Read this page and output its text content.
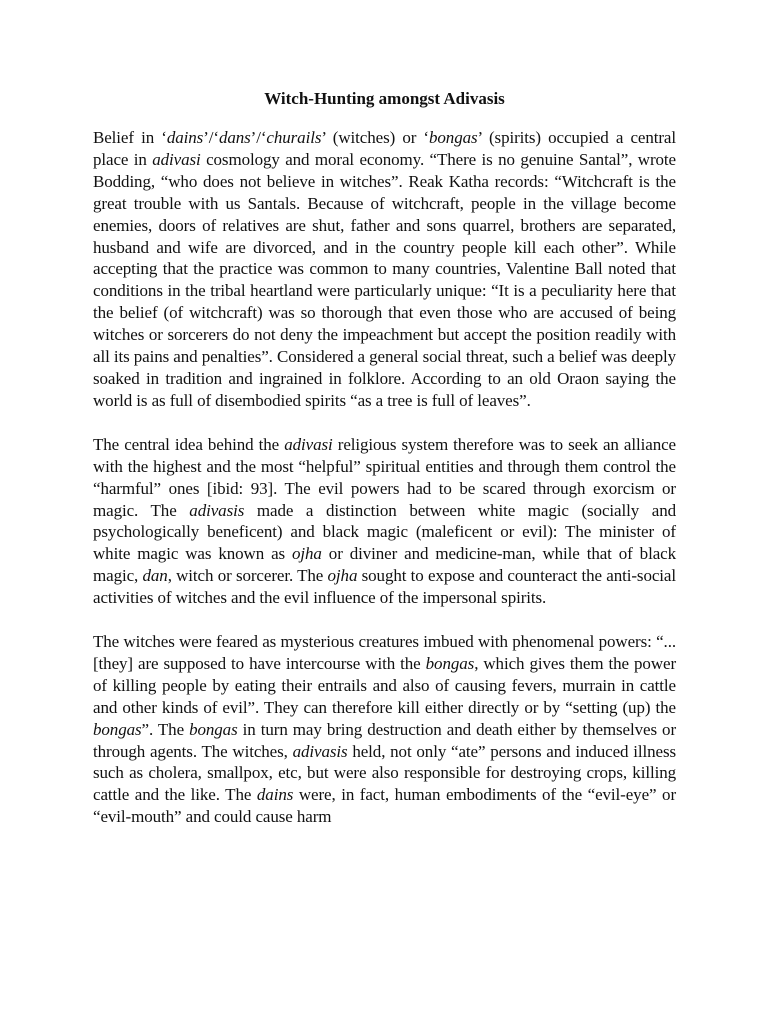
Witch-Hunting amongst Adivasis
Belief in ‘dains’/‘dans’/‘churails’ (witches) or ‘bongas’ (spirits) occupied a central place in adivasi cosmology and moral economy. “There is no genuine Santal”, wrote Bodding, “who does not believe in witches”. Reak Katha records: “Witchcraft is the great trouble with us Santals. Because of witchcraft, people in the village become enemies, doors of relatives are shut, father and sons quarrel, brothers are separated, husband and wife are divorced, and in the country people kill each other”. While accepting that the practice was common to many countries, Valentine Ball noted that conditions in the tribal heartland were particularly unique: “It is a peculiarity here that the belief (of witchcraft) was so thorough that even those who are accused of being witches or sorcerers do not deny the impeachment but accept the position readily with all its pains and penalties”. Considered a general social threat, such a belief was deeply soaked in tradition and ingrained in folklore. According to an old Oraon saying the world is as full of disembodied spirits “as a tree is full of leaves”.
The central idea behind the adivasi religious system therefore was to seek an alliance with the highest and the most “helpful” spiritual entities and through them control the “harmful” ones [ibid: 93]. The evil powers had to be scared through exorcism or magic. The adivasis made a distinction between white magic (socially and psychologically beneficent) and black magic (maleficent or evil): The minister of white magic was known as ojha or diviner and medicine-man, while that of black magic, dan, witch or sorcerer. The ojha sought to expose and counteract the anti-social activities of witches and the evil influence of the impersonal spirits.
The witches were feared as mysterious creatures imbued with phenomenal powers: “...[they] are supposed to have intercourse with the bongas, which gives them the power of killing people by eating their entrails and also of causing fevers, murrain in cattle and other kinds of evil”. They can therefore kill either directly or by “setting (up) the bongas”. The bongas in turn may bring destruction and death either by themselves or through agents. The witches, adivasis held, not only “ate” persons and induced illness such as cholera, smallpox, etc, but were also responsible for destroying crops, killing cattle and the like. The dains were, in fact, human embodiments of the “evil-eye” or “evil-mouth” and could cause harm
